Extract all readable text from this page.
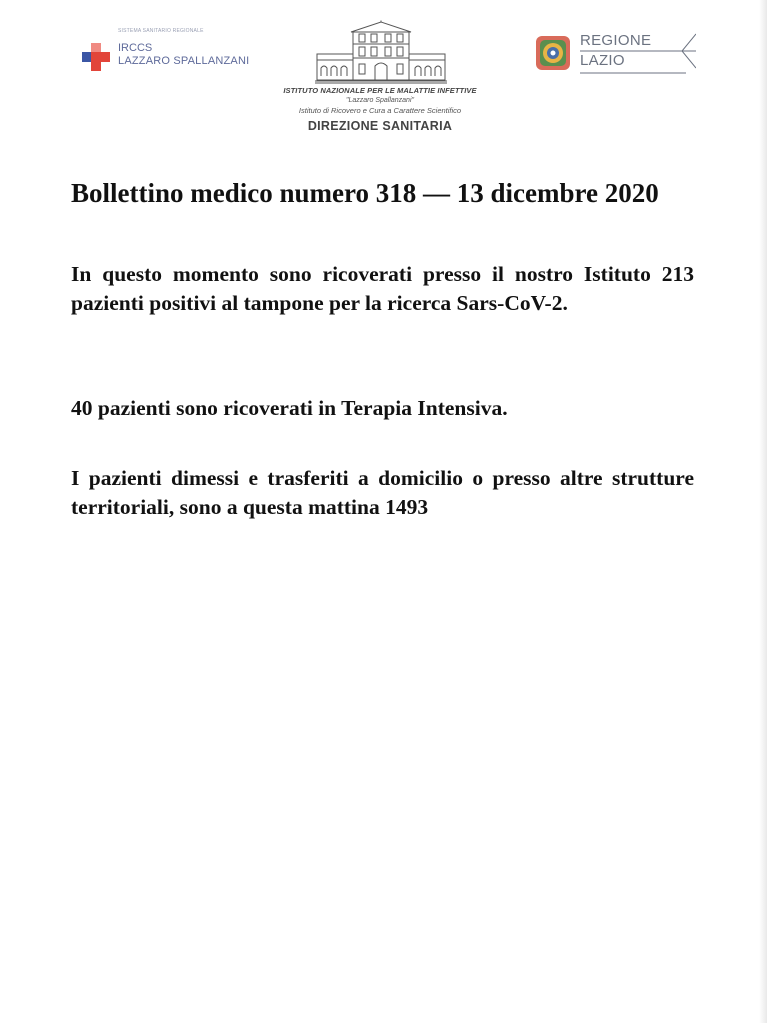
SISTEMA SANITARIO REGIONALE
IRCCS
LAZZARO SPALLANZANI
ISTITUTO NAZIONALE PER LE MALATTIE INFETTIVE
"Lazzaro Spallanzani"
Istituto di Ricovero e Cura a Carattere Scientifico
DIREZIONE SANITARIA
REGIONE
LAZIO
Bollettino medico numero 318 — 13 dicembre 2020

In questo momento sono ricoverati presso il nostro Istituto 213 pazienti positivi al tampone per la ricerca Sars-CoV-2.

40 pazienti sono ricoverati in Terapia Intensiva.

I pazienti dimessi e trasferiti a domicilio o presso altre strutture territoriali, sono a questa mattina 1493
